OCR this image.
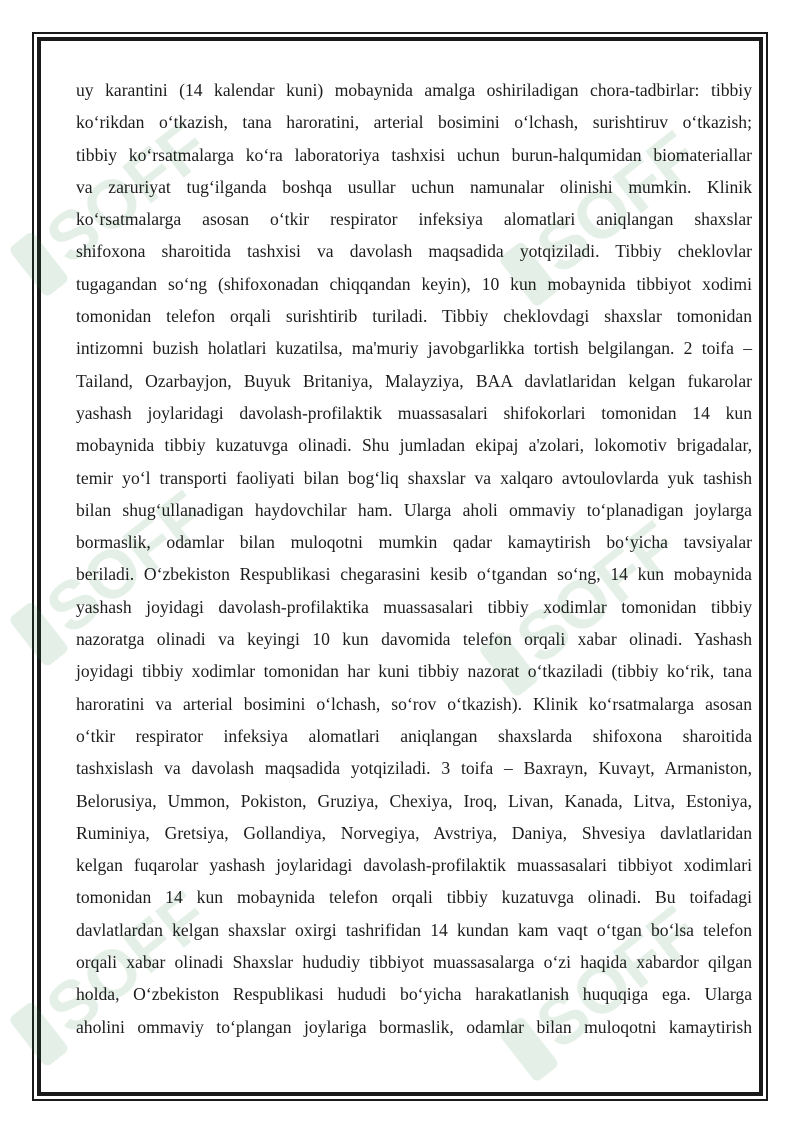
SOFF	SOFF
SOFF	SOFF
SOFF	SOFF
uy karantini (14 kalendar kuni) mobaynida amalga oshiriladigan chora-tadbirlar: tibbiy
ko‘rikdan o‘tkazish, tana haroratini, arterial bosimini o‘lchash, surishtiruv o‘tkazish;
tibbiy ko‘rsatmalarga ko‘ra laboratoriya tashxisi uchun burun-halqumidan biomateriallar
va zaruriyat tug‘ilganda boshqa usullar uchun namunalar olinishi mumkin. Klinik
ko‘rsatmalarga asosan o‘tkir respirator infeksiya alomatlari aniqlangan shaxslar
shifoxona sharoitida tashxisi va davolash maqsadida yotqiziladi. Tibbiy cheklovlar
tugagandan so‘ng (shifoxonadan chiqqandan keyin), 10 kun mobaynida tibbiyot xodimi
tomonidan telefon orqali surishtirib turiladi. Tibbiy cheklovdagi shaxslar tomonidan
intizomni buzish holatlari kuzatilsa, ma'muriy javobgarlikka tortish belgilangan. 2 toifa –
Tailand, Ozarbayjon, Buyuk Britaniya, Malayziya, BAA davlatlaridan kelgan fukarolar
yashash joylaridagi davolash-profilaktik muassasalari shifokorlari tomonidan 14 kun
mobaynida tibbiy kuzatuvga olinadi. Shu jumladan ekipaj a'zolari, lokomotiv brigadalar,
temir yo‘l transporti faoliyati bilan bog‘liq shaxslar va xalqaro avtoulovlarda yuk tashish
bilan shug‘ullanadigan haydovchilar ham. Ularga aholi ommaviy to‘planadigan joylarga
bormaslik, odamlar bilan muloqotni mumkin qadar kamaytirish bo‘yicha tavsiyalar
beriladi. O‘zbekiston Respublikasi chegarasini kesib o‘tgandan so‘ng, 14 kun mobaynida
yashash joyidagi davolash-profilaktika muassasalari tibbiy xodimlar tomonidan tibbiy
nazoratga olinadi va keyingi 10 kun davomida telefon orqali xabar olinadi. Yashash
joyidagi tibbiy xodimlar tomonidan har kuni tibbiy nazorat o‘tkaziladi (tibbiy ko‘rik, tana
haroratini va arterial bosimini o‘lchash, so‘rov o‘tkazish). Klinik ko‘rsatmalarga asosan
o‘tkir respirator infeksiya alomatlari aniqlangan shaxslarda shifoxona sharoitida
tashxislash va davolash maqsadida yotqiziladi. 3 toifa – Baxrayn, Kuvayt, Armaniston,
Belorusiya, Ummon, Pokiston, Gruziya, Chexiya, Iroq, Livan, Kanada, Litva, Estoniya,
Ruminiya, Gretsiya, Gollandiya, Norvegiya, Avstriya, Daniya, Shvesiya davlatlaridan
kelgan fuqarolar yashash joylaridagi davolash-profilaktik muassasalari tibbiyot xodimlari
tomonidan 14 kun mobaynida telefon orqali tibbiy kuzatuvga olinadi. Bu toifadagi
davlatlardan kelgan shaxslar oxirgi tashrifidan 14 kundan kam vaqt o‘tgan bo‘lsa telefon
orqali xabar olinadi Shaxslar hududiy tibbiyot muassasalarga o‘zi haqida xabardor qilgan
holda, O‘zbekiston Respublikasi hududi bo‘yicha harakatlanish huquqiga ega. Ularga
aholini ommaviy to‘plangan joylariga bormaslik, odamlar bilan muloqotni kamaytirish
